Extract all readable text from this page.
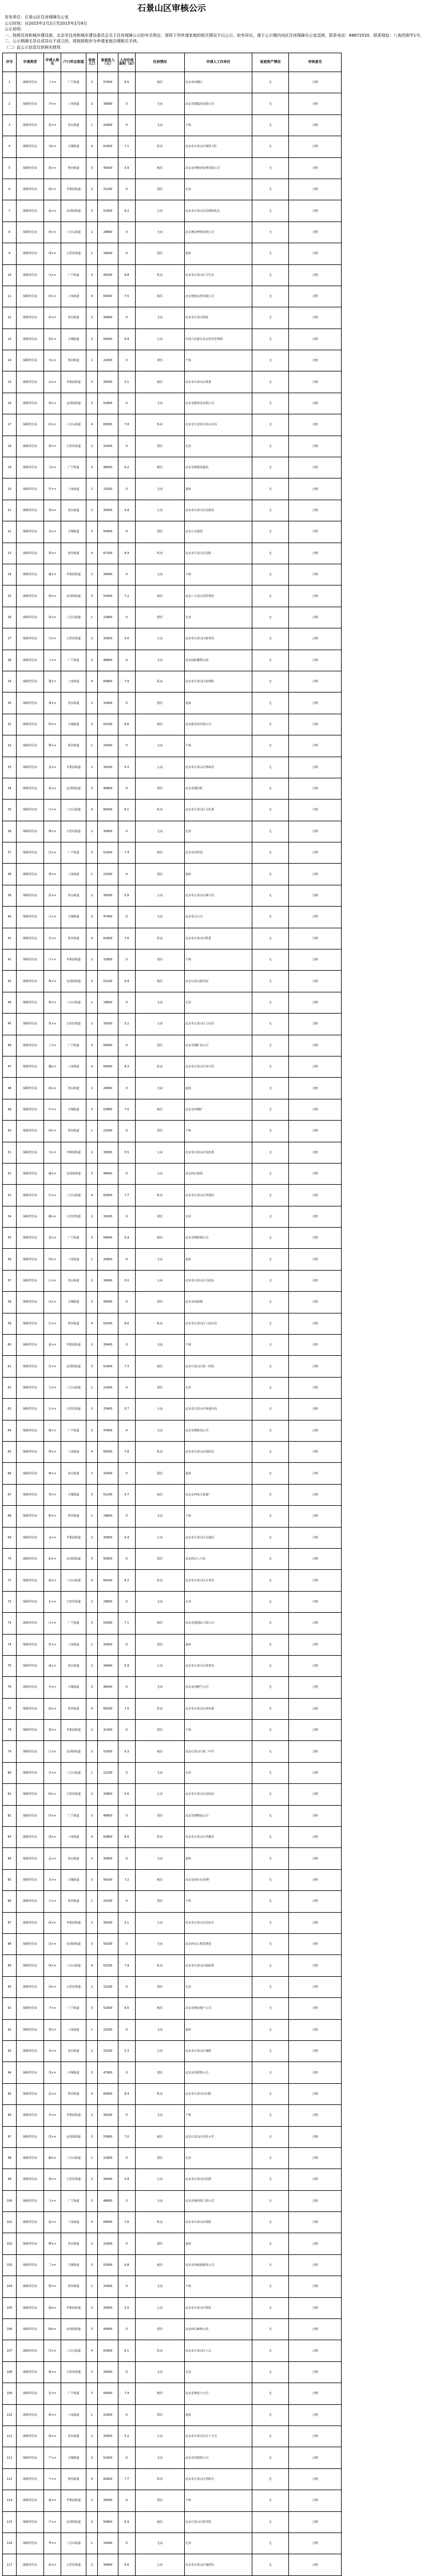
石景山区审核公示
发布单位：石景山区住房保障办公室
公示时间：自2015年2月2日至2015年2月8日
公示说明：
一、按照住房和城乡建设部、北京市住房和城乡建设委员会关于住房保障公示的有关规定，现将下列申请家庭的相关情况予以公示，如有异议，请于公示期内向区住房保障办公室反映，联系电话：68872520，联系地址：八角西街甲1号。
二、公示期满无异议或异议不成立的，将按照程序为申请家庭办理相关手续。
（二）此公示信息仅供核实使用
序号	申请类型	申请人姓名	户口所在街道	家庭人口	家庭收入（元）	人均住房面积（㎡）	住房情况	申请人工作单位	家庭资产情况	审核意见
1	保障性住房	王××	广宁街道	3	57600	6.5	租住	北京市西城区	无	合格
2	保障性住房	李××	八角街道	2	36800	0	无房	北京首钢集团有限公司	无	合格
3	保障性住房	张××	老山街道	1	20400	0	无房	个体	无	合格
4	保障性住房	刘××	古城街道	4	62400	7.1	私房	北京市石景山区城管大队	无	合格
5	保障性住房	陈××	鲁谷街道	3	45600	5.9	租住	北京京西物业管理有限公司	无	合格
6	保障性住房	杨××	苹果园街道	2	31200	0	借住	无业	无	合格
7	保障性住房	赵××	金顶街街道	3	51600	8.2	公房	北京市石景山区园林绿化局	无	合格
8	保障性住房	黄××	八宝山街道	2	28800	0	无房	北京燕京啤酒有限公司	无	合格
9	保障性住房	周××	五里坨街道	1	18000	0	借住	退休	无	合格
10	保障性住房	吴××	广宁街道	3	49200	6.8	私房	北京市石景山区卫生局	无	合格
11	保障性住房	徐××	八角街道	4	66000	7.5	租住	北京地铁运营有限公司	无	合格
12	保障性住房	孙××	老山街道	2	34800	0	无房	北京市石景山医院	无	合格
13	保障性住房	胡××	古城街道	3	54000	8.9	公房	中国人民银行北京营业管理部	无	合格
14	保障性住房	朱××	鲁谷街道	1	21600	0	借住	个体	无	合格
15	保障性住房	高××	苹果园街道	2	30000	5.1	租住	北京市石景山区教委	无	合格
16	保障性住房	林××	金顶街街道	3	52800	0	无房	北京京能热电有限公司	无	合格
17	保障性住房	何××	八宝山街道	4	63600	7.8	私房	北京市公安局石景山分局	无	合格
18	保障性住房	郭××	五里坨街道	2	32400	0	借住	无业	无	合格
19	保障性住房	马××	广宁街道	3	48000	6.2	租住	北京首钢建设集团	无	合格
20	保障性住房	罗××	八角街道	1	19200	0	无房	退休	无	合格
21	保障性住房	梁××	老山街道	2	35400	4.9	公房	北京市石景山区民政局	无	合格
22	保障性住房	宋××	古城街道	3	50400	0	借住	北京公交集团	无	合格
23	保障性住房	郑××	鲁谷街道	4	67200	8.4	私房	北京市石景山区法院	无	合格
24	保障性住房	谢××	苹果园街道	2	29400	0	无房	个体	无	合格
25	保障性住房	韩××	金顶街街道	3	53400	7.2	租住	北京八大处公园管理处	无	合格
26	保障性住房	唐××	八宝山街道	1	22800	0	借住	无业	无	合格
27	保障性住房	冯××	五里坨街道	2	33600	5.6	公房	北京市石景山区税务局	无	合格
28	保障性住房	于××	广宁街道	3	46800	0	无房	北京国际雕塑公园	无	合格
29	保障性住房	董××	八角街道	4	64800	7.9	私房	北京市石景山区检察院	无	合格
30	保障性住房	萧××	老山街道	2	31800	0	借住	退休	无	合格
31	保障性住房	程××	古城街道	3	55200	6.6	租住	北京游乐园有限公司	无	合格
32	保障性住房	曹××	鲁谷街道	1	20000	0	无房	个体	无	合格
33	保障性住房	袁××	苹果园街道	2	34200	5.3	公房	北京市石景山区财政局	无	合格
34	保障性住房	邓××	金顶街街道	3	49800	0	借住	北京首钢医院	无	合格
35	保障性住房	许××	八宝山街道	4	65400	8.1	私房	北京市石景山区文化委	无	合格
36	保障性住房	傅××	五里坨街道	2	30600	0	无房	无业	无	合格
37	保障性住房	沈××	广宁街道	3	51000	7.4	租住	北京京西宾馆	无	合格
38	保障性住房	曾××	八角街道	1	21000	0	借住	退休	无	合格
39	保障性住房	彭××	老山街道	2	36000	5.8	公房	北京市石景山区统计局	无	合格
40	保障性住房	吕××	古城街道	3	47400	0	无房	北京电力公司	无	合格
41	保障性住房	苏××	鲁谷街道	4	61800	7.6	私房	北京市石景山区科委	无	合格
42	保障性住房	卢××	苹果园街道	2	32800	0	借住	个体	无	合格
43	保障性住房	蒋××	金顶街街道	3	52200	6.9	租住	北京石景山游乐园	无	合格
44	保障性住房	蔡××	八宝山街道	1	19800	0	无房	无业	无	合格
45	保障性住房	贾××	五里坨街道	2	35000	5.2	公房	北京市石景山区人社局	无	合格
46	保障性住房	丁××	广宁街道	3	50000	0	借住	北京首钢矿业公司	无	合格
47	保障性住房	魏××	八角街道	4	66600	8.3	私房	北京市石景山区审计局	无	合格
48	保障性住房	薛××	老山街道	2	29800	0	无房	退休	无	合格
49	保障性住房	叶××	古城街道	3	53800	7.0	租住	北京京西煤矿	无	合格
50	保障性住房	阎××	鲁谷街道	1	22000	0	借住	个体	无	合格
51	保障性住房	余××	苹果园街道	2	33000	5.5	公房	北京市石景山区发改委	无	合格
52	保障性住房	潘××	金顶街街道	3	48600	0	无房	北京西山林场	无	合格
53	保障性住房	杜××	八宝山街道	4	62800	7.7	私房	北京市石景山区环保局	无	合格
54	保障性住房	戴××	五里坨街道	2	31000	0	借住	无业	无	合格
55	保障性住房	夏××	广宁街道	3	54600	6.4	租住	北京首钢特钢公司	无	合格
56	保障性住房	钟××	八角街道	1	20800	0	无房	退休	无	合格
57	保障性住房	汪××	老山街道	2	34600	5.0	公房	北京市石景山区司法局	无	合格
58	保障性住房	田××	古城街道	3	49000	0	借住	北京京西商城	无	合格
59	保障性住房	任××	鲁谷街道	4	63200	8.0	私房	北京市石景山区工商分局	无	合格
60	保障性住房	姜××	苹果园街道	2	30400	0	无房	个体	无	合格
61	保障性住房	范××	金顶街街道	3	52400	7.3	租住	北京石景山区第一医院	无	合格
62	保障性住房	方××	八宝山街道	1	21400	0	借住	无业	无	合格
63	保障性住房	石××	五里坨街道	2	33400	5.7	公房	北京市石景山区规划分局	无	合格
64	保障性住房	姚××	广宁街道	3	47800	0	无房	北京首钢机电公司	无	合格
65	保障性住房	谭××	八角街道	4	65000	7.8	私房	北京市石景山区质监局	无	合格
66	保障性住房	廖××	老山街道	2	32000	0	借住	退休	无	合格
67	保障性住房	邹××	古城街道	3	51200	6.7	租住	北京京西电力设备厂	无	合格
68	保障性住房	熊××	鲁谷街道	1	19600	0	无房	个体	无	合格
69	保障性住房	金××	苹果园街道	2	35600	5.4	公房	北京市石景山区交通局	无	合格
70	保障性住房	陆××	金顶街街道	3	50600	0	借住	北京西山八大处	无	合格
71	保障性住房	郝××	八宝山街道	4	64200	8.2	私房	北京市石景山区水务局	无	合格
72	保障性住房	孔××	五里坨街道	2	29600	0	无房	无业	无	合格
73	保障性住房	白××	广宁街道	3	53000	7.1	租住	北京首钢国际工程公司	无	合格
74	保障性住房	崔××	八角街道	1	20600	0	借住	退休	无	合格
75	保障性住房	康××	老山街道	2	34400	5.9	公房	北京市石景山区体育局	无	合格
76	保障性住房	毛××	古城街道	3	48400	0	无房	北京京西燃气公司	无	合格
77	保障性住房	邱××	鲁谷街道	4	66200	7.5	私房	北京市石景山区商务委	无	合格
78	保障性住房	秦××	苹果园街道	2	31400	0	借住	个体	无	合格
79	保障性住房	江××	金顶街街道	3	52000	6.3	租住	北京石景山区第二中学	无	合格
80	保障性住房	史××	八宝山街道	1	21200	0	无房	无业	无	合格
81	保障性住房	顾××	五里坨街道	2	33800	5.6	公房	北京市石景山区安监局	无	合格
82	保障性住房	侯××	广宁街道	3	49600	0	借住	北京首钢物流公司	无	合格
83	保障性住房	邵××	八角街道	4	63800	8.0	私房	北京市石景山区档案局	无	合格
84	保障性住房	孟××	老山街道	2	30800	0	无房	退休	无	合格
85	保障性住房	龙××	古城街道	3	54200	7.2	租住	北京京西污水处理厂	无	合格
86	保障性住房	万××	鲁谷街道	1	20200	0	借住	个体	无	合格
87	保障性住房	段××	苹果园街道	2	35200	5.1	公房	北京市石景山区信访办	无	合格
88	保障性住房	雷××	金顶街街道	3	50200	0	无房	北京西山公墓管理处	无	合格
89	保障性住房	钱××	八宝山街道	4	62200	7.9	私房	北京市石景山区旅游委	无	合格
90	保障性住房	汤××	五里坨街道	2	32200	0	借住	无业	无	合格
91	保障性住房	尹××	广宁街道	3	51800	6.5	租住	北京首钢房地产公司	无	合格
92	保障性住房	黎××	八角街道	1	22200	0	无房	退休	无	合格
93	保障性住房	易××	老山街道	2	33200	5.3	公房	北京市石景山区残联	无	合格
94	保障性住房	常××	古城街道	3	47600	0	借住	北京京西供热公司	无	合格
95	保障性住房	武××	鲁谷街道	4	65800	8.4	私房	北京市石景山区妇联	无	合格
96	保障性住房	乔××	苹果园街道	2	30200	0	无房	个体	无	合格
97	保障性住房	贺××	金顶街街道	3	53600	7.0	租住	北京石景山区实验小学	无	合格
98	保障性住房	赖××	八宝山街道	1	21800	0	借住	无业	无	合格
99	保障性住房	龚××	五里坨街道	2	34000	5.8	公房	北京市石景山区团委	无	合格
100	保障性住房	文××	广宁街道	3	48800	0	无房	北京首钢环境工程公司	无	合格
101	保障性住房	庞××	八角街道	4	64600	7.6	私房	北京市石景山区侨联	无	合格
102	保障性住房	樊××	老山街道	2	31600	0	借住	退休	无	合格
103	保障性住房	兰××	古城街道	3	52600	6.8	租住	北京京西旅游服务公司	无	合格
104	保障性住房	殷××	鲁谷街道	1	20400	0	无房	个体	无	合格
105	保障性住房	施××	苹果园街道	2	35800	5.5	公房	北京市石景山区科协	无	合格
106	保障性住房	陶××	金顶街街道	3	49400	0	借住	北京西山森林公园	无	合格
107	保障性住房	洪××	八宝山街道	4	63400	8.1	私房	北京市石景山区工会	无	合格
108	保障性住房	翟××	五里坨街道	2	29200	0	无房	无业	无	合格
109	保障性住房	安××	广宁街道	3	54400	7.4	租住	北京首钢电子公司	无	合格
110	保障性住房	颜××	八角街道	1	21600	0	借住	退休	无	合格
111	保障性住房	倪××	老山街道	2	32600	5.2	公房	北京市石景山区红十字会	无	合格
112	保障性住房	严××	古城街道	3	51400	0	无房	北京京西建材公司	无	合格
113	保障性住房	牛××	鲁谷街道	4	62600	7.7	私房	北京市石景山区老龄办	无	合格
114	保障性住房	温××	苹果园街道	2	30000	0	借住	个体	无	合格
115	保障性住房	芦××	金顶街街道	3	50800	6.9	租住	北京石景山区图书馆	无	合格
116	保障性住房	季××	八宝山街道	1	19400	0	无房	无业	无	合格
117	保障性住房	俞××	五里坨街道	2	34800	5.6	公房	北京市石景山区地震局	无	合格
